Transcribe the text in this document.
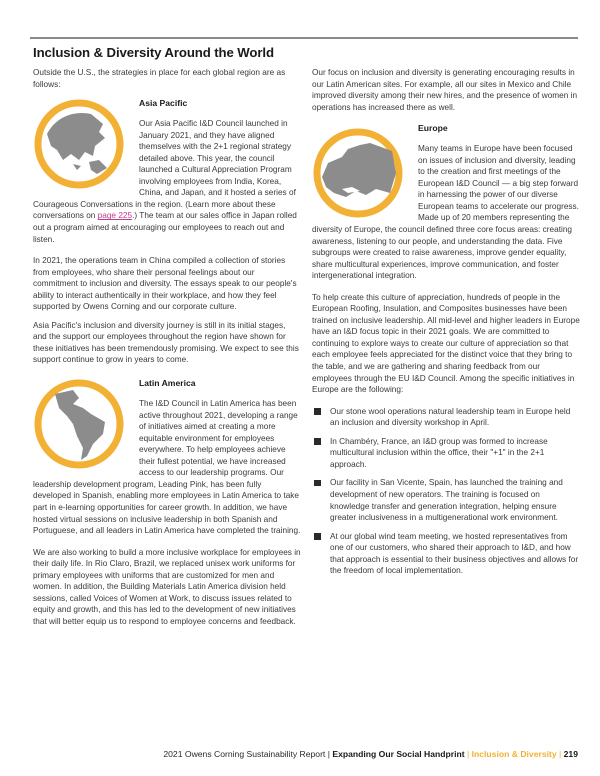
Inclusion & Diversity Around the World

Outside the U.S., the strategies in place for each global region are as follows:

Asia Pacific

Our Asia Pacific I&D Council launched in January 2021, and they have aligned themselves with the 2+1 regional strategy detailed above. This year, the council launched a Cultural Appreciation Program involving employees from India, Korea, China, and Japan, and it hosted a series of Courageous Conversations in the region. (Learn more about these conversations on page 225.) The team at our sales office in Japan rolled out a program aimed at encouraging our employees to reach out and listen.

In 2021, the operations team in China compiled a collection of stories from employees, who share their personal feelings about our commitment to inclusion and diversity. The essays speak to our people's ability to interact authentically in their workplace, and how they feel supported by Owens Corning and our corporate culture.

Asia Pacific's inclusion and diversity journey is still in its initial stages, and the support our employees throughout the region have shown for these initiatives has been tremendously promising. We expect to see this support continue to grow in years to come.

Latin America

The I&D Council in Latin America has been active throughout 2021, developing a range of initiatives aimed at creating a more equitable environment for employees everywhere. To help employees achieve their fullest potential, we have increased access to our leadership programs. Our leadership development program, Leading Pink, has been fully developed in Spanish, enabling more employees in Latin America to take part in e-learning opportunities for career growth. In addition, we have hosted virtual sessions on inclusive leadership in both Spanish and Portuguese, and all leaders in Latin America have completed the training.

We are also working to build a more inclusive workplace for employees in their daily life. In Rio Claro, Brazil, we replaced unisex work uniforms for primary employees with uniforms that are customized for men and women. In addition, the Building Materials Latin America division held sessions, called Voices of Women at Work, to discuss issues related to equity and growth, and this has led to the development of new initiatives that will better equip us to respond to employee concerns and feedback.

Our focus on inclusion and diversity is generating encouraging results in our Latin American sites. For example, all our sites in Mexico and Chile improved diversity among their new hires, and the presence of women in operations has increased there as well.

Europe

Many teams in Europe have been focused on issues of inclusion and diversity, leading to the creation and first meetings of the European I&D Council — a big step forward in harnessing the power of our diverse European teams to accelerate our progress. Made up of 20 members representing the diversity of Europe, the council defined three core focus areas: creating awareness, listening to our people, and understanding the data. Five subgroups were created to raise awareness, improve gender equality, share multicultural experiences, improve communication, and foster intergenerational integration.

To help create this culture of appreciation, hundreds of people in the European Roofing, Insulation, and Composites businesses have been trained on inclusive leadership. All mid-level and higher leaders in Europe have an I&D focus topic in their 2021 goals. We are committed to continuing to explore ways to create our culture of appreciation so that each employee feels appreciated for the distinct voice that they bring to the table, and we are gathering and sharing feedback from our employees through the EU I&D Council. Among the specific initiatives in Europe are the following:

Our stone wool operations natural leadership team in Europe held an inclusion and diversity workshop in April.
In Chambéry, France, an I&D group was formed to increase multicultural inclusion within the office, their "+1" in the 2+1 approach.
Our facility in San Vicente, Spain, has launched the training and development of new operators. The training is focused on knowledge transfer and generation integration, helping ensure greater inclusiveness in a multigenerational work environment.
At our global wind team meeting, we hosted representatives from one of our customers, who shared their approach to I&D, and how that approach is essential to their business objectives and allows for the freedom of local implementation.
2021 Owens Corning Sustainability Report | Expanding Our Social Handprint | Inclusion & Diversity | 219
